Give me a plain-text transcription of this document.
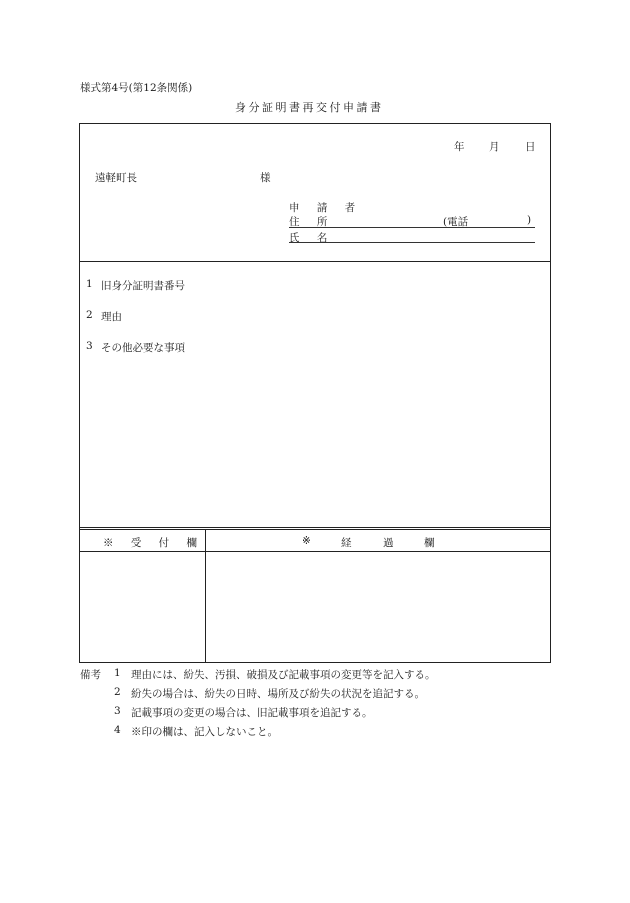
様式第4号(第12条関係)
身分証明書再交付申請書
年 月 日
遠軽町長	様
申 請 者
住 所	(電話	)
氏 名
1 旧身分証明書番号
2 理由
3 その他必要な事項
※ 受 付 欄	※	経	過	欄
備考 1 理由には、紛失、汚損、破損及び記載事項の変更等を記入する。
2 紛失の場合は、紛失の日時、場所及び紛失の状況を追記する。
3 記載事項の変更の場合は、旧記載事項を追記する。
4 ※印の欄は、記入しないこと。
